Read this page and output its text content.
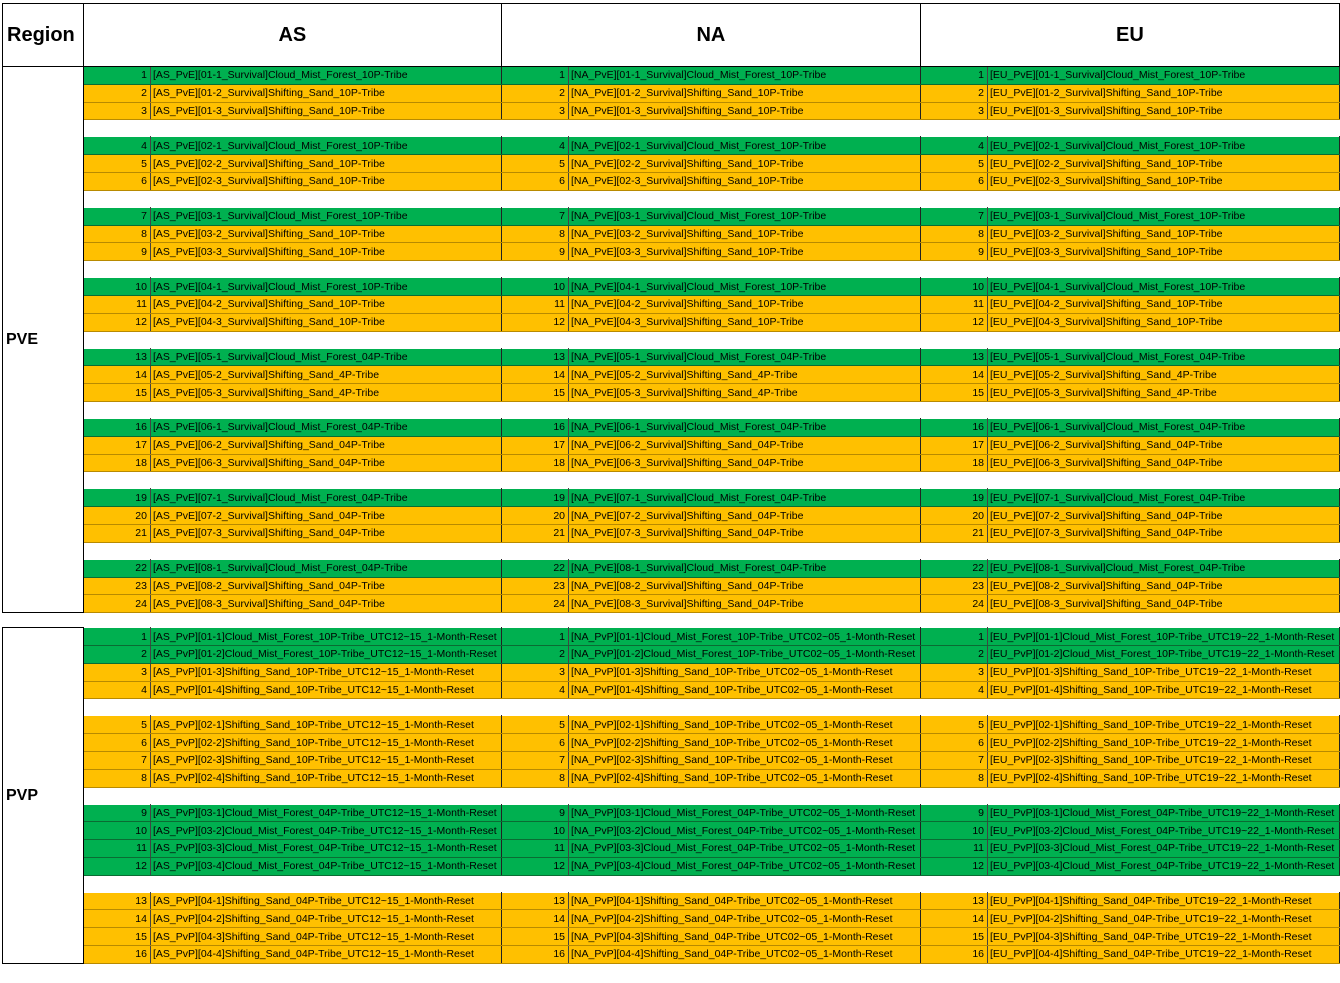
Region	AS		NA		EU	
PVE	1	[AS_PvE][01-1_Survival]Cloud_Mist_Forest_10P-Tribe	1	[NA_PvE][01-1_Survival]Cloud_Mist_Forest_10P-Tribe	1	[EU_PvE][01-1_Survival]Cloud_Mist_Forest_10P-Tribe
	2	[AS_PvE][01-2_Survival]Shifting_Sand_10P-Tribe	2	[NA_PvE][01-2_Survival]Shifting_Sand_10P-Tribe	2	[EU_PvE][01-2_Survival]Shifting_Sand_10P-Tribe
	3	[AS_PvE][01-3_Survival]Shifting_Sand_10P-Tribe	3	[NA_PvE][01-3_Survival]Shifting_Sand_10P-Tribe	3	[EU_PvE][01-3_Survival]Shifting_Sand_10P-Tribe

	4	[AS_PvE][02-1_Survival]Cloud_Mist_Forest_10P-Tribe	4	[NA_PvE][02-1_Survival]Cloud_Mist_Forest_10P-Tribe	4	[EU_PvE][02-1_Survival]Cloud_Mist_Forest_10P-Tribe
	5	[AS_PvE][02-2_Survival]Shifting_Sand_10P-Tribe	5	[NA_PvE][02-2_Survival]Shifting_Sand_10P-Tribe	5	[EU_PvE][02-2_Survival]Shifting_Sand_10P-Tribe
	6	[AS_PvE][02-3_Survival]Shifting_Sand_10P-Tribe	6	[NA_PvE][02-3_Survival]Shifting_Sand_10P-Tribe	6	[EU_PvE][02-3_Survival]Shifting_Sand_10P-Tribe

	7	[AS_PvE][03-1_Survival]Cloud_Mist_Forest_10P-Tribe	7	[NA_PvE][03-1_Survival]Cloud_Mist_Forest_10P-Tribe	7	[EU_PvE][03-1_Survival]Cloud_Mist_Forest_10P-Tribe
	8	[AS_PvE][03-2_Survival]Shifting_Sand_10P-Tribe	8	[NA_PvE][03-2_Survival]Shifting_Sand_10P-Tribe	8	[EU_PvE][03-2_Survival]Shifting_Sand_10P-Tribe
	9	[AS_PvE][03-3_Survival]Shifting_Sand_10P-Tribe	9	[NA_PvE][03-3_Survival]Shifting_Sand_10P-Tribe	9	[EU_PvE][03-3_Survival]Shifting_Sand_10P-Tribe

	10	[AS_PvE][04-1_Survival]Cloud_Mist_Forest_10P-Tribe	10	[NA_PvE][04-1_Survival]Cloud_Mist_Forest_10P-Tribe	10	[EU_PvE][04-1_Survival]Cloud_Mist_Forest_10P-Tribe
	11	[AS_PvE][04-2_Survival]Shifting_Sand_10P-Tribe	11	[NA_PvE][04-2_Survival]Shifting_Sand_10P-Tribe	11	[EU_PvE][04-2_Survival]Shifting_Sand_10P-Tribe
	12	[AS_PvE][04-3_Survival]Shifting_Sand_10P-Tribe	12	[NA_PvE][04-3_Survival]Shifting_Sand_10P-Tribe	12	[EU_PvE][04-3_Survival]Shifting_Sand_10P-Tribe

	13	[AS_PvE][05-1_Survival]Cloud_Mist_Forest_04P-Tribe	13	[NA_PvE][05-1_Survival]Cloud_Mist_Forest_04P-Tribe	13	[EU_PvE][05-1_Survival]Cloud_Mist_Forest_04P-Tribe
	14	[AS_PvE][05-2_Survival]Shifting_Sand_4P-Tribe	14	[NA_PvE][05-2_Survival]Shifting_Sand_4P-Tribe	14	[EU_PvE][05-2_Survival]Shifting_Sand_4P-Tribe
	15	[AS_PvE][05-3_Survival]Shifting_Sand_4P-Tribe	15	[NA_PvE][05-3_Survival]Shifting_Sand_4P-Tribe	15	[EU_PvE][05-3_Survival]Shifting_Sand_4P-Tribe

	16	[AS_PvE][06-1_Survival]Cloud_Mist_Forest_04P-Tribe	16	[NA_PvE][06-1_Survival]Cloud_Mist_Forest_04P-Tribe	16	[EU_PvE][06-1_Survival]Cloud_Mist_Forest_04P-Tribe
	17	[AS_PvE][06-2_Survival]Shifting_Sand_04P-Tribe	17	[NA_PvE][06-2_Survival]Shifting_Sand_04P-Tribe	17	[EU_PvE][06-2_Survival]Shifting_Sand_04P-Tribe
	18	[AS_PvE][06-3_Survival]Shifting_Sand_04P-Tribe	18	[NA_PvE][06-3_Survival]Shifting_Sand_04P-Tribe	18	[EU_PvE][06-3_Survival]Shifting_Sand_04P-Tribe

	19	[AS_PvE][07-1_Survival]Cloud_Mist_Forest_04P-Tribe	19	[NA_PvE][07-1_Survival]Cloud_Mist_Forest_04P-Tribe	19	[EU_PvE][07-1_Survival]Cloud_Mist_Forest_04P-Tribe
	20	[AS_PvE][07-2_Survival]Shifting_Sand_04P-Tribe	20	[NA_PvE][07-2_Survival]Shifting_Sand_04P-Tribe	20	[EU_PvE][07-2_Survival]Shifting_Sand_04P-Tribe
	21	[AS_PvE][07-3_Survival]Shifting_Sand_04P-Tribe	21	[NA_PvE][07-3_Survival]Shifting_Sand_04P-Tribe	21	[EU_PvE][07-3_Survival]Shifting_Sand_04P-Tribe

	22	[AS_PvE][08-1_Survival]Cloud_Mist_Forest_04P-Tribe	22	[NA_PvE][08-1_Survival]Cloud_Mist_Forest_04P-Tribe	22	[EU_PvE][08-1_Survival]Cloud_Mist_Forest_04P-Tribe
	23	[AS_PvE][08-2_Survival]Shifting_Sand_04P-Tribe	23	[NA_PvE][08-2_Survival]Shifting_Sand_04P-Tribe	23	[EU_PvE][08-2_Survival]Shifting_Sand_04P-Tribe
	24	[AS_PvE][08-3_Survival]Shifting_Sand_04P-Tribe	24	[NA_PvE][08-3_Survival]Shifting_Sand_04P-Tribe	24	[EU_PvE][08-3_Survival]Shifting_Sand_04P-Tribe

PVP	1	[AS_PvP][01-1]Cloud_Mist_Forest_10P-Tribe_UTC12~15_1-Month-Reset	1	[NA_PvP][01-1]Cloud_Mist_Forest_10P-Tribe_UTC02~05_1-Month-Reset	1	[EU_PvP][01-1]Cloud_Mist_Forest_10P-Tribe_UTC19~22_1-Month-Reset
	2	[AS_PvP][01-2]Cloud_Mist_Forest_10P-Tribe_UTC12~15_1-Month-Reset	2	[NA_PvP][01-2]Cloud_Mist_Forest_10P-Tribe_UTC02~05_1-Month-Reset	2	[EU_PvP][01-2]Cloud_Mist_Forest_10P-Tribe_UTC19~22_1-Month-Reset
	3	[AS_PvP][01-3]Shifting_Sand_10P-Tribe_UTC12~15_1-Month-Reset	3	[NA_PvP][01-3]Shifting_Sand_10P-Tribe_UTC02~05_1-Month-Reset	3	[EU_PvP][01-3]Shifting_Sand_10P-Tribe_UTC19~22_1-Month-Reset
	4	[AS_PvP][01-4]Shifting_Sand_10P-Tribe_UTC12~15_1-Month-Reset	4	[NA_PvP][01-4]Shifting_Sand_10P-Tribe_UTC02~05_1-Month-Reset	4	[EU_PvP][01-4]Shifting_Sand_10P-Tribe_UTC19~22_1-Month-Reset

	5	[AS_PvP][02-1]Shifting_Sand_10P-Tribe_UTC12~15_1-Month-Reset	5	[NA_PvP][02-1]Shifting_Sand_10P-Tribe_UTC02~05_1-Month-Reset	5	[EU_PvP][02-1]Shifting_Sand_10P-Tribe_UTC19~22_1-Month-Reset
	6	[AS_PvP][02-2]Shifting_Sand_10P-Tribe_UTC12~15_1-Month-Reset	6	[NA_PvP][02-2]Shifting_Sand_10P-Tribe_UTC02~05_1-Month-Reset	6	[EU_PvP][02-2]Shifting_Sand_10P-Tribe_UTC19~22_1-Month-Reset
	7	[AS_PvP][02-3]Shifting_Sand_10P-Tribe_UTC12~15_1-Month-Reset	7	[NA_PvP][02-3]Shifting_Sand_10P-Tribe_UTC02~05_1-Month-Reset	7	[EU_PvP][02-3]Shifting_Sand_10P-Tribe_UTC19~22_1-Month-Reset
	8	[AS_PvP][02-4]Shifting_Sand_10P-Tribe_UTC12~15_1-Month-Reset	8	[NA_PvP][02-4]Shifting_Sand_10P-Tribe_UTC02~05_1-Month-Reset	8	[EU_PvP][02-4]Shifting_Sand_10P-Tribe_UTC19~22_1-Month-Reset

	9	[AS_PvP][03-1]Cloud_Mist_Forest_04P-Tribe_UTC12~15_1-Month-Reset	9	[NA_PvP][03-1]Cloud_Mist_Forest_04P-Tribe_UTC02~05_1-Month-Reset	9	[EU_PvP][03-1]Cloud_Mist_Forest_04P-Tribe_UTC19~22_1-Month-Reset
	10	[AS_PvP][03-2]Cloud_Mist_Forest_04P-Tribe_UTC12~15_1-Month-Reset	10	[NA_PvP][03-2]Cloud_Mist_Forest_04P-Tribe_UTC02~05_1-Month-Reset	10	[EU_PvP][03-2]Cloud_Mist_Forest_04P-Tribe_UTC19~22_1-Month-Reset
	11	[AS_PvP][03-3]Cloud_Mist_Forest_04P-Tribe_UTC12~15_1-Month-Reset	11	[NA_PvP][03-3]Cloud_Mist_Forest_04P-Tribe_UTC02~05_1-Month-Reset	11	[EU_PvP][03-3]Cloud_Mist_Forest_04P-Tribe_UTC19~22_1-Month-Reset
	12	[AS_PvP][03-4]Cloud_Mist_Forest_04P-Tribe_UTC12~15_1-Month-Reset	12	[NA_PvP][03-4]Cloud_Mist_Forest_04P-Tribe_UTC02~05_1-Month-Reset	12	[EU_PvP][03-4]Cloud_Mist_Forest_04P-Tribe_UTC19~22_1-Month-Reset

	13	[AS_PvP][04-1]Shifting_Sand_04P-Tribe_UTC12~15_1-Month-Reset	13	[NA_PvP][04-1]Shifting_Sand_04P-Tribe_UTC02~05_1-Month-Reset	13	[EU_PvP][04-1]Shifting_Sand_04P-Tribe_UTC19~22_1-Month-Reset
	14	[AS_PvP][04-2]Shifting_Sand_04P-Tribe_UTC12~15_1-Month-Reset	14	[NA_PvP][04-2]Shifting_Sand_04P-Tribe_UTC02~05_1-Month-Reset	14	[EU_PvP][04-2]Shifting_Sand_04P-Tribe_UTC19~22_1-Month-Reset
	15	[AS_PvP][04-3]Shifting_Sand_04P-Tribe_UTC12~15_1-Month-Reset	15	[NA_PvP][04-3]Shifting_Sand_04P-Tribe_UTC02~05_1-Month-Reset	15	[EU_PvP][04-3]Shifting_Sand_04P-Tribe_UTC19~22_1-Month-Reset
	16	[AS_PvP][04-4]Shifting_Sand_04P-Tribe_UTC12~15_1-Month-Reset	16	[NA_PvP][04-4]Shifting_Sand_04P-Tribe_UTC02~05_1-Month-Reset	16	[EU_PvP][04-4]Shifting_Sand_04P-Tribe_UTC19~22_1-Month-Reset
